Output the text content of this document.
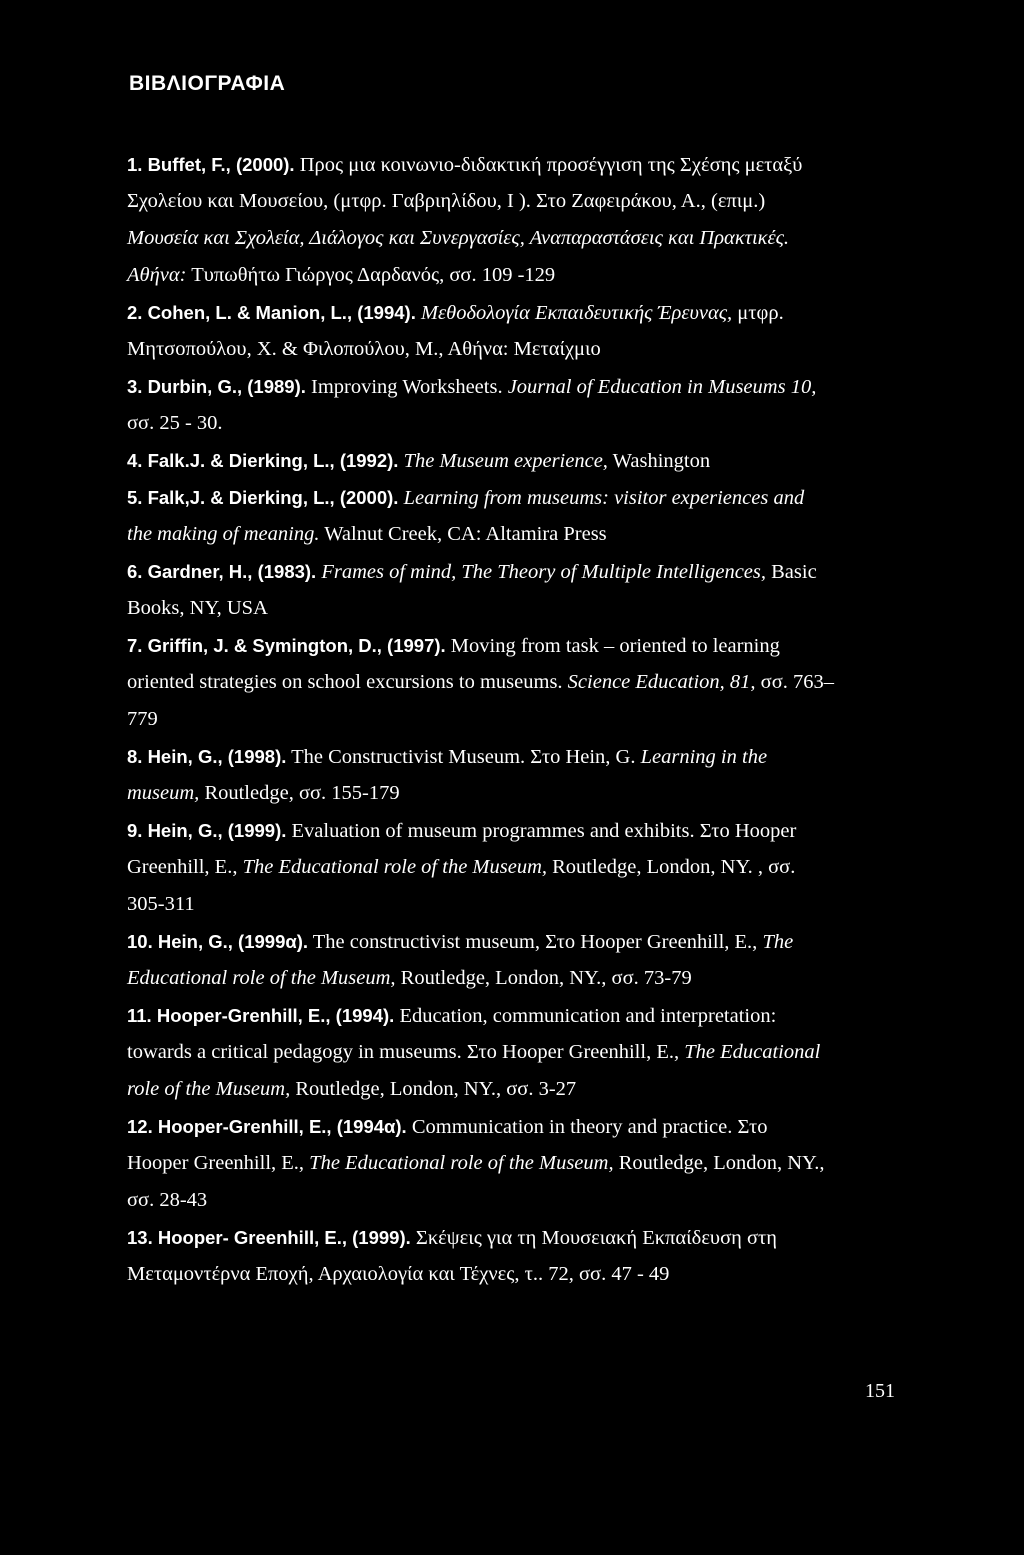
ΒΙΒΛΙΟΓΡΑΦΙΑ
1. Buffet, F., (2000). Προς μια κοινωνιο-διδακτική προσέγγιση της Σχέσης μεταξύ
Σχολείου και Μουσείου, (μτφρ. Γαβριηλίδου, Ι ). Στο Ζαφειράκου, Α., (επιμ.)
Μουσεία και Σχολεία, Διάλογος και Συνεργασίες, Αναπαραστάσεις και Πρακτικές.
Αθήνα: Τυπωθήτω Γιώργος Δαρδανός, σσ. 109 -129
2. Cohen, L. & Manion, L., (1994). Μεθοδολογία Εκπαιδευτικής Έρευνας, μτφρ.
Μητσοπούλου, Χ. & Φιλοπούλου, Μ., Αθήνα: Μεταίχμιο
3. Durbin, G., (1989). Improving Worksheets. Journal of Education in Museums 10,
σσ. 25 - 30.
4. Falk.J. & Dierking, L., (1992). The Museum experience, Washington
5. Falk,J. & Dierking, L., (2000). Learning from museums: visitor experiences and
the making of meaning. Walnut Creek, CA: Altamira Press
6. Gardner, H., (1983). Frames of mind, The Theory of Multiple Intelligences, Basic
Books, NY, USA
7. Griffin, J. & Symington, D., (1997). Moving from task – oriented to learning
oriented strategies on school excursions to museums. Science Education, 81, σσ. 763–
779
8. Hein, G., (1998). The Constructivist Museum. Στο Hein, G. Learning in the
museum, Routledge, σσ. 155-179
9. Hein, G., (1999). Evaluation of museum programmes and exhibits. Στο Hooper
Greenhill, E., The Educational role of the Museum, Routledge, London, NY. , σσ.
305-311
10. Hein, G., (1999α). The constructivist museum, Στο Hooper Greenhill, E., The
Educational role of the Museum, Routledge, London, NY., σσ. 73-79
11. Hooper-Grenhill, E., (1994). Education, communication and interpretation:
towards a critical pedagogy in museums. Στο Hooper Greenhill, E., The Educational
role of the Museum, Routledge, London, NY., σσ. 3-27
12. Hooper-Grenhill, E., (1994α). Communication in theory and practice. Στο
Hooper Greenhill, E., The Educational role of the Museum, Routledge, London, NY.,
σσ. 28-43
13. Hooper- Greenhill, E., (1999). Σκέψεις για τη Μουσειακή Εκπαίδευση στη
Μεταμοντέρνα Εποχή, Αρχαιολογία και Τέχνες, τ.. 72, σσ. 47 - 49
151
